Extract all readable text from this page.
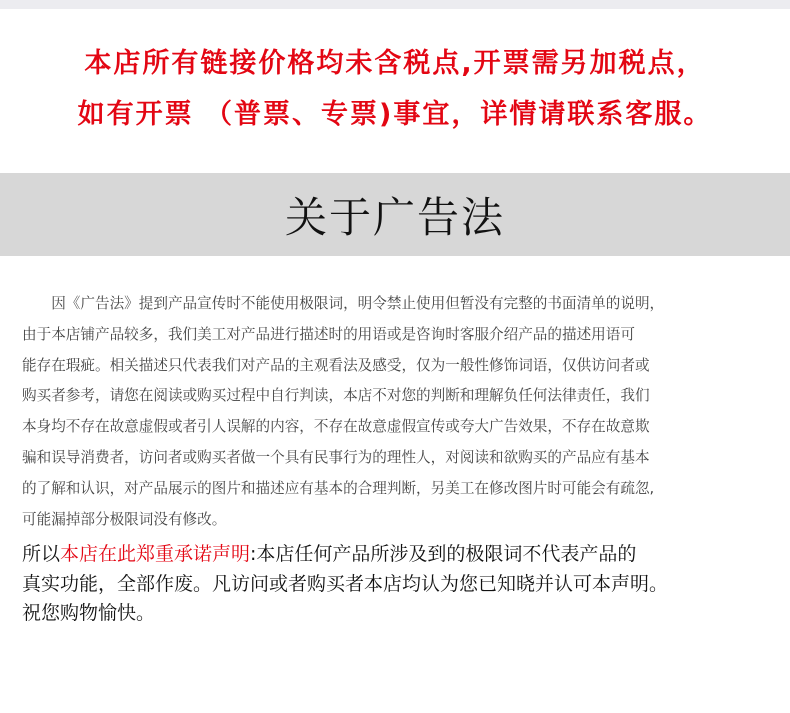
本店所有链接价格均未含税点,开票需另加税点，
如有开票 （普票、专票)事宜，详情请联系客服。
关于广告法
因《广告法》提到产品宣传时不能使用极限词，明令禁止使用但暂没有完整的书面清单的说明，
由于本店铺产品较多，我们美工对产品进行描述时的用语或是咨询时客服介绍产品的描述用语可
能存在瑕疵。相关描述只代表我们对产品的主观看法及感受，仅为一般性修饰词语，仅供访问者或
购买者参考，请您在阅读或购买过程中自行判读，本店不对您的判断和理解负任何法律责任，我们
本身均不存在故意虚假或者引人误解的内容，不存在故意虚假宣传或夸大广告效果，不存在故意欺
骗和误导消费者，访问者或购买者做一个具有民事行为的理性人，对阅读和欲购买的产品应有基本
的了解和认识，对产品展示的图片和描述应有基本的合理判断，另美工在修改图片时可能会有疏忽,
可能漏掉部分极限词没有修改。
所以本店在此郑重承诺声明:本店任何产品所涉及到的极限词不代表产品的
真实功能，全部作废。凡访问或者购买者本店均认为您已知晓并认可本声明。
祝您购物愉快。
